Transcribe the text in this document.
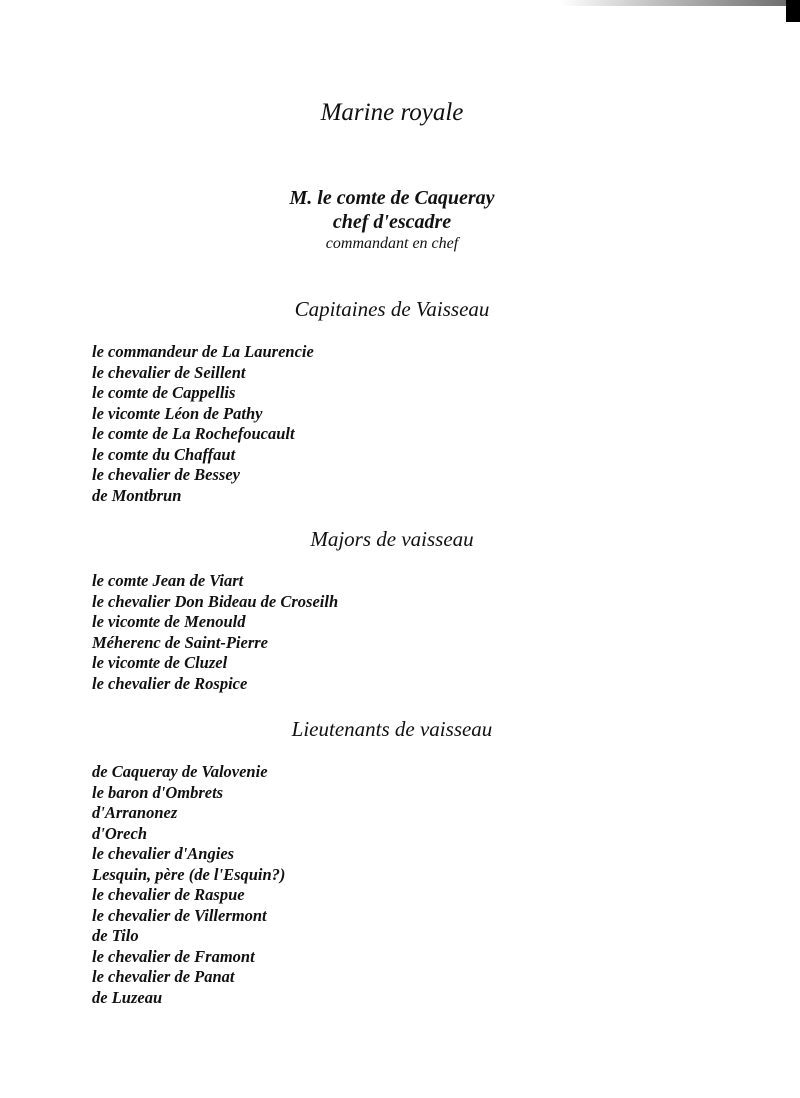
Marine royale
M. le comte de Caqueray
chef d'escadre
commandant en chef
Capitaines de Vaisseau
le commandeur de La Laurencie
le chevalier de Seillent
le comte de Cappellis
le vicomte Léon de Pathy
le comte de La Rochefoucault
le comte du Chaffaut
le chevalier de Bessey
de Montbrun
Majors de vaisseau
le comte Jean de Viart
le chevalier Don Bideau de Croseilh
le vicomte de Menould
Méherenc de Saint-Pierre
le vicomte de Cluzel
le chevalier de Rospice
Lieutenants de vaisseau
de Caqueray de Valovenie
le baron d'Ombrets
d'Arranonez
d'Orech
le chevalier d'Angies
Lesquin, père (de l'Esquin?)
le chevalier de Raspue
le chevalier de Villermont
de Tilo
le chevalier de Framont
le chevalier de Panat
de Luzeau
